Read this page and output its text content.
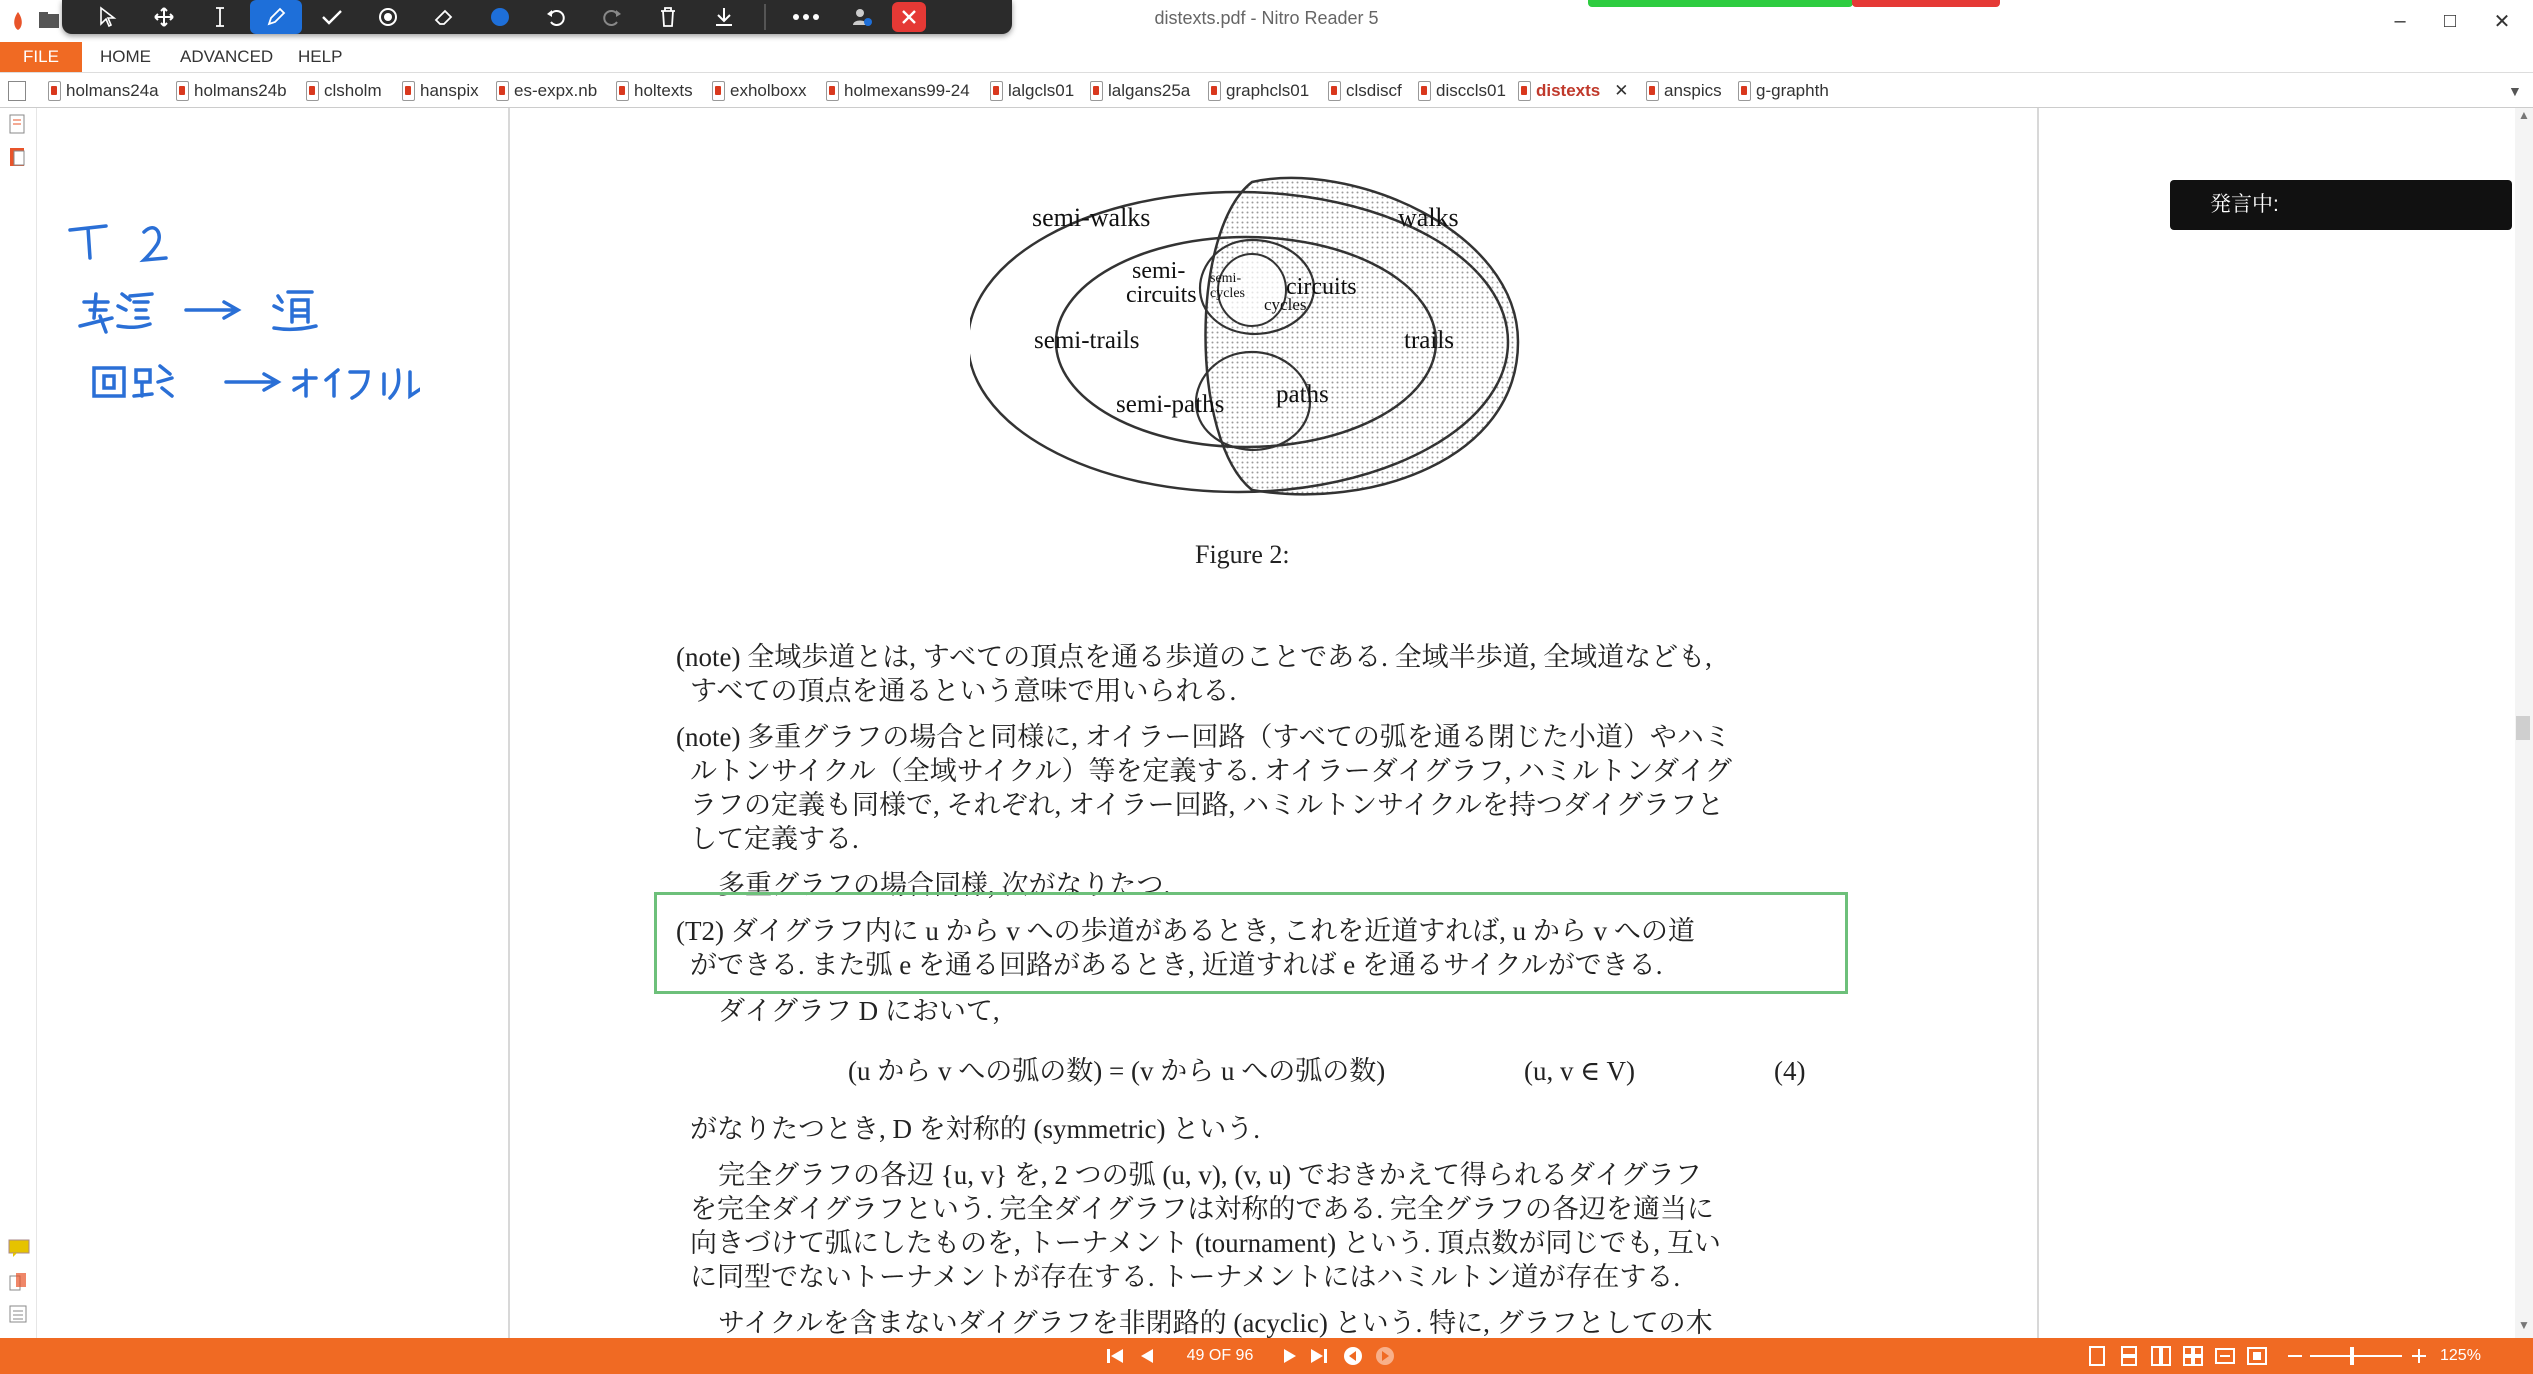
distexts.pdf - Nitro Reader 5	–	□	✕
FILE	HOME ADVANCED HELP
holmans24a holmans24b clsholm hanspix es-expx.nb holtexts exholboxx holmexans99-24 lalgcls01 lalgans25a graphcls01 clsdiscf disccls01 distexts ✕ anspics g-graphth	▼
▲
▼
発言中:
semi-walks	walks
semi-
circuits
semi-
cycles circuits
cycles
semi-trails	trails
semi-paths paths
Figure 2:
(note) 全域歩道とは, すべての頂点を通る歩道のことである. 全域半歩道, 全域道なども,
すべての頂点を通るという意味で用いられる.
(note) 多重グラフの場合と同様に, オイラー回路（すべての弧を通る閉じた小道）やハミ
ルトンサイクル（全域サイクル）等を定義する. オイラーダイグラフ, ハミルトンダイグ
ラフの定義も同様で, それぞれ, オイラー回路, ハミルトンサイクルを持つダイグラフと
して定義する.
多重グラフの場合同様, 次がなりたつ.
(T2) ダイグラフ内に u から v への歩道があるとき, これを近道すれば, u から v への道
ができる. また弧 e を通る回路があるとき, 近道すれば e を通るサイクルができる.
ダイグラフ D において,
(u から v への弧の数) = (v から u への弧の数)	(u, v ∈ V)	(4)
がなりたつとき, D を対称的 (symmetric) という.
完全グラフの各辺 {u, v} を, 2 つの弧 (u, v), (v, u) でおきかえて得られるダイグラフ
を完全ダイグラフという. 完全ダイグラフは対称的である. 完全グラフの各辺を適当に
向きづけて弧にしたものを, トーナメント (tournament) という. 頂点数が同じでも, 互い
に同型でないトーナメントが存在する. トーナメントにはハミルトン道が存在する.
サイクルを含まないダイグラフを非閉路的 (acyclic) という. 特に, グラフとしての木
49 OF 96	125%
